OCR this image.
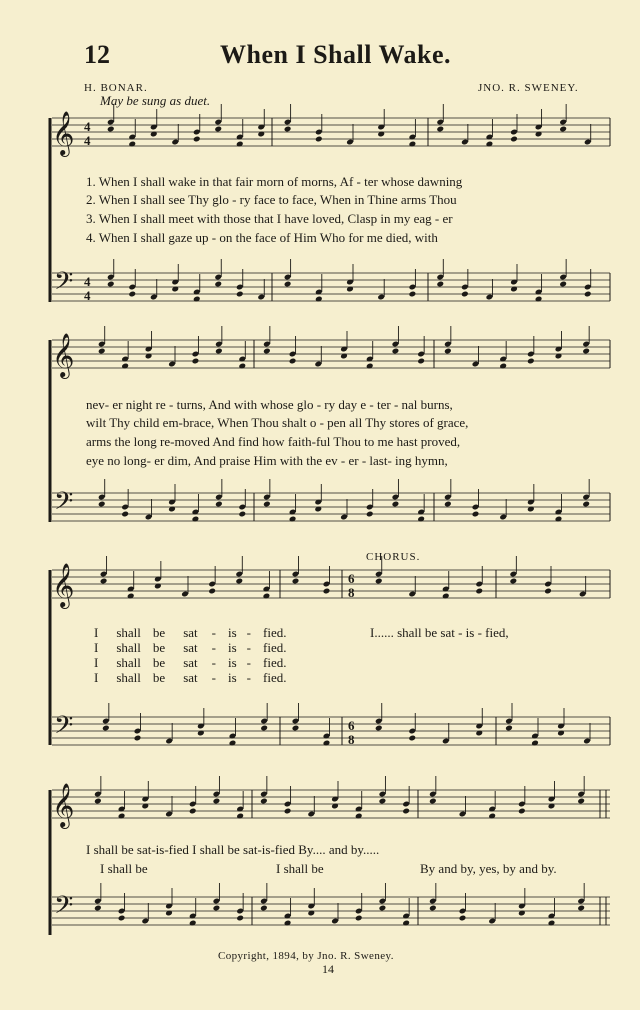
12	When I Shall Wake.
H. BONAR.	JNO. R. SWENEY.
May be sung as duet.
𝄞
𝄢
4
4
4
4
𝄞
𝄢
𝄞
𝄢
6
8
6
8
𝄞
𝄢
1. When I shall wake in that fair morn of morns, Af - ter whose dawning
2. When I shall see Thy glo - ry face to face, When in Thine arms Thou
3. When I shall meet with those that I have loved, Clasp in my eag - er
4. When I shall gaze up - on the face of Him Who for me died, with
nev- er night re - turns, And with whose glo - ry day e - ter - nal burns,
wilt Thy child em-brace, When Thou shalt o - pen all Thy stores of grace,
arms the long re-moved And find how faith-ful Thou to me hast proved,
eye no long- er dim, And praise Him with the ev - er - last- ing hymn,
CHORUS.
I shall be sat - is - fied.
I shall be sat - is - fied.
I shall be sat - is - fied.
I shall be sat - is - fied.
I...... shall be sat - is - fied,
I shall be sat-is-fied I shall be sat-is-fied By.... and by.....
I shall be	I shall be	By and by, yes, by and by.
Copyright, 1894, by Jno. R. Sweney.
14
